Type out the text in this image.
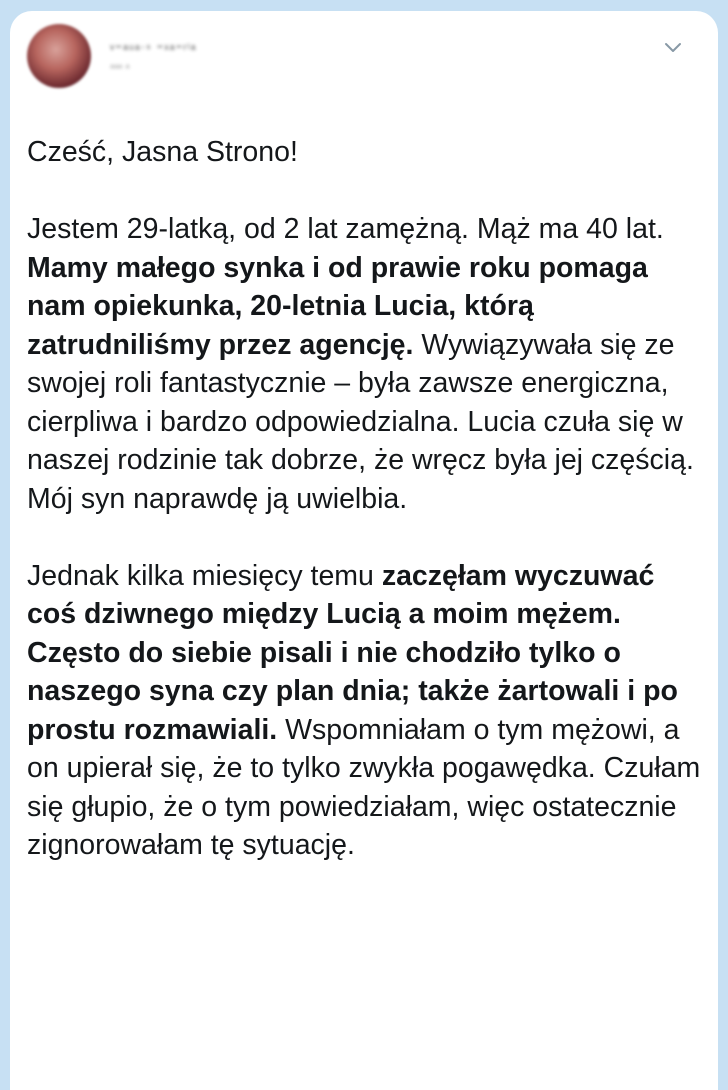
ᵥ₌ₐᵤₐ˒ₛ ₌ₓₐ₌ᵣₗₐ
ₐₐₐ ₐ

Cześć, Jasna Strono!

Jestem 29-latką, od 2 lat zamężną. Mąż ma 40 lat. Mamy małego synka i od prawie roku pomaga nam opiekunka, 20-letnia Lucia, którą zatrudniliśmy przez agencję. Wywiązywała się ze swojej roli fantastycznie – była zawsze energiczna, cierpliwa i bardzo odpowiedzialna. Lucia czuła się w naszej rodzinie tak dobrze, że wręcz była jej częścią. Mój syn naprawdę ją uwielbia.

Jednak kilka miesięcy temu zaczęłam wyczuwać coś dziwnego między Lucią a moim mężem. Często do siebie pisali i nie chodziło tylko o naszego syna czy plan dnia; także żartowali i po prostu rozmawiali. Wspomniałam o tym mężowi, a on upierał się, że to tylko zwykła pogawędka. Czułam się głupio, że o tym powiedziałam, więc ostatecznie zignorowałam tę sytuację.
